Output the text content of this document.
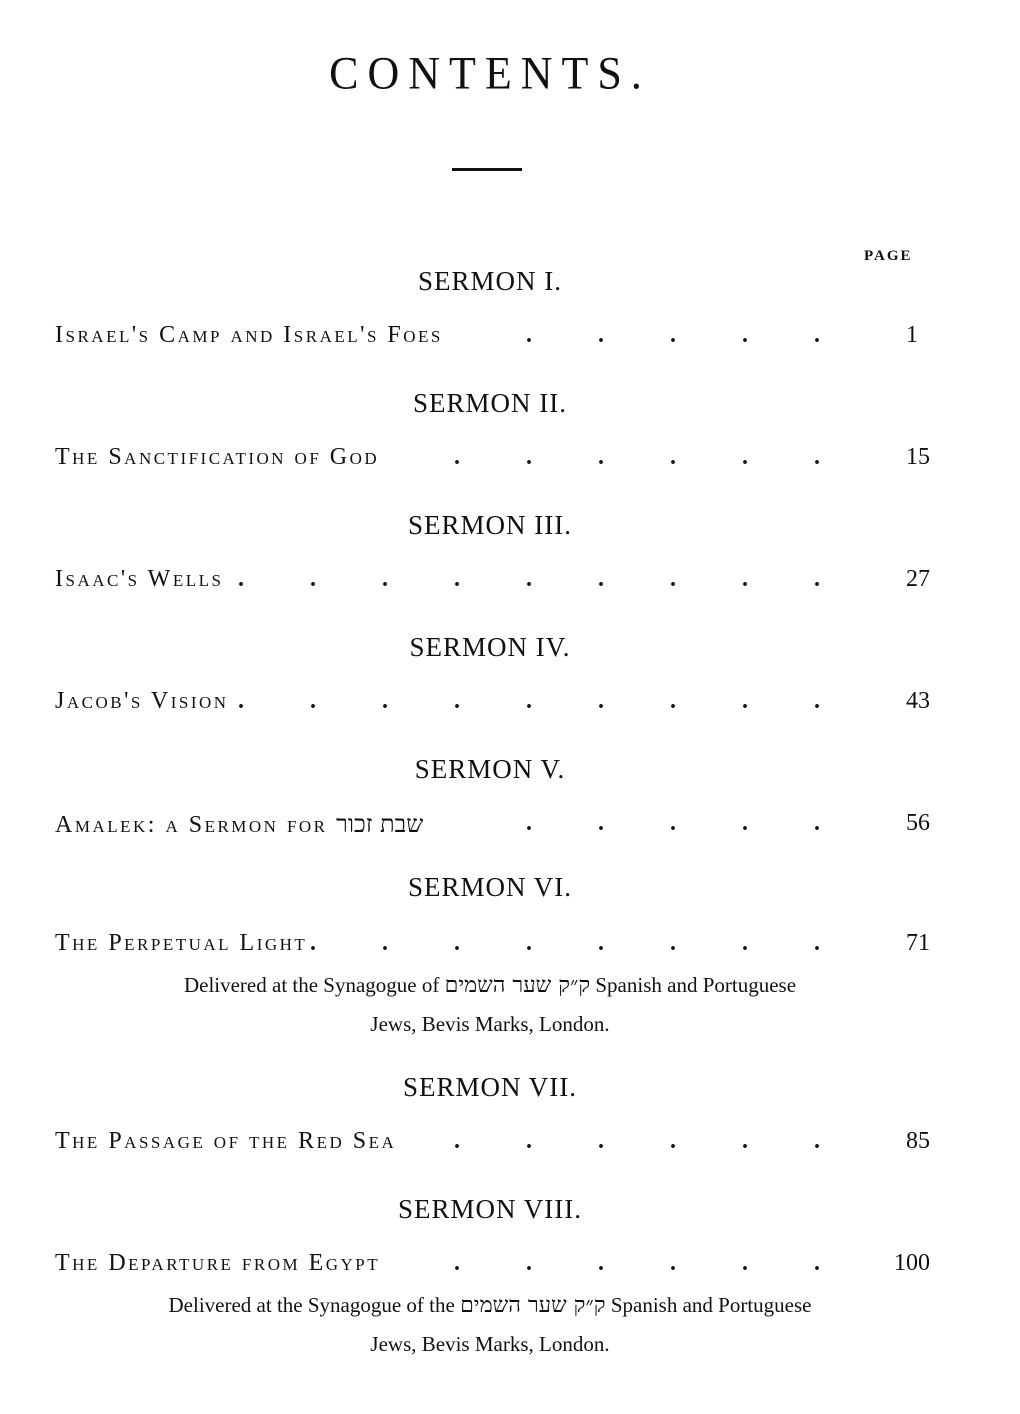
CONTENTS.
PAGE
SERMON I.
Israel's Camp and Israel's Foes	. . . . . 1
SERMON II.
The Sanctification of God	. . . . . . 15
SERMON III.
Isaac's Wells . . . . . . . . . 27
SERMON IV.
Jacob's Vision . . . . . . . . . 43
SERMON V.
Amalek: a Sermon for שבת זכור	. . . . . 56
SERMON VI.
The Perpetual Light . . . . . . . . 71
Delivered at the Synagogue of ק״ק שער השמים Spanish and Portuguese
Jews, Bevis Marks, London.
SERMON VII.
The Passage of the Red Sea . . . . . . 85
SERMON VIII.
The Departure from Egypt	. . . . . . 100
Delivered at the Synagogue of the ק״ק שער השמים Spanish and Portuguese
Jews, Bevis Marks, London.
